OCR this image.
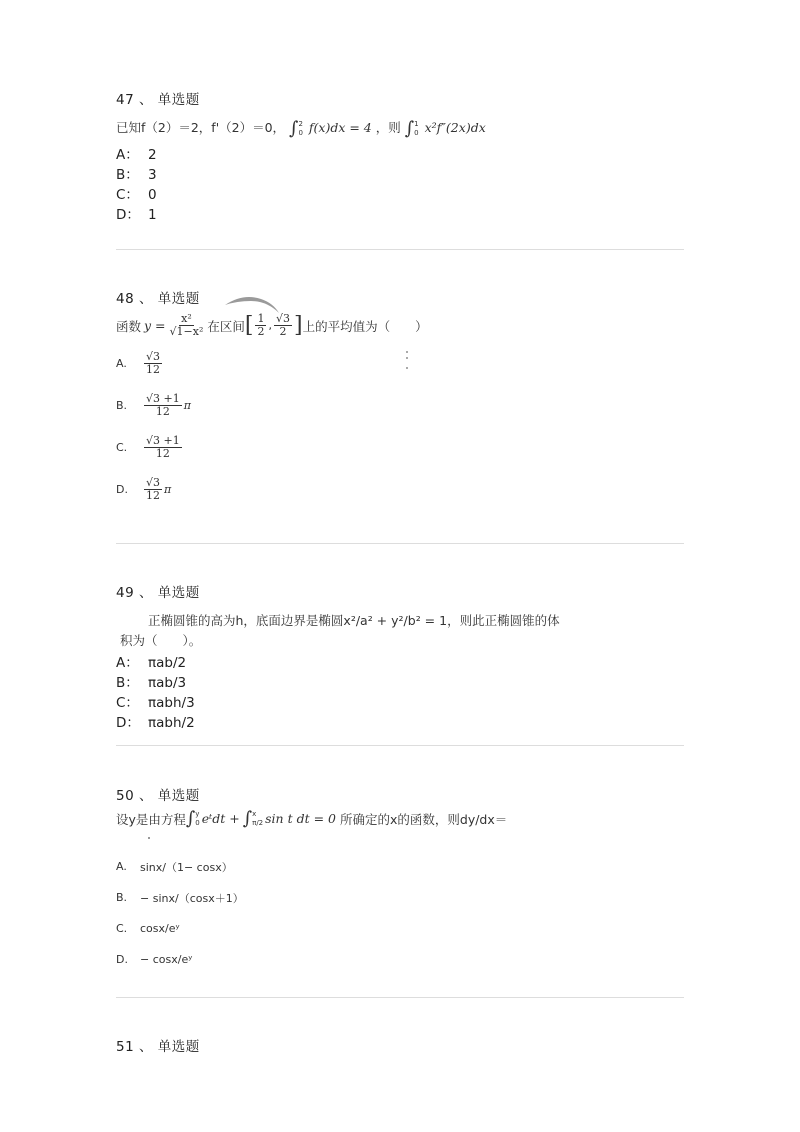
47 、 单选题
已知f（2）＝2，f'（2）＝0， ∫ 2
0 f(x)dx = 4 ，则 ∫ 1
0 x²f″(2x)dx
A： 2
B： 3
C： 0
D： 1
48 、 单选题
函数 $y = \frac{\text{x²}}{\text{√1−x²}}$ 在区间 [ $\frac{1}{2}$ , $\frac{√3}{2}$ ] 上的平均值为（　　）
A.	$\frac{√3}{12}$
B.	$\frac{√3 +1}{12}$ π
C.	$\frac{√3 +1}{12}$
D.	$\frac{√3}{12}$ π
49 、 单选题
正椭圆锥的高为h，底面边界是椭圆x²/a² + y²/b² = 1，则此正椭圆锥的体
积为（　　）。
A： πab/2
B： πab/3
C： πabh/3
D： πabh/2
50 、 单选题
设y是由方程 ∫ y
0 eᵗdt + ∫ x
π/2 sin t dt = 0 所确定的x的函数，则dy/dx＝
A.	sinx/（1− cosx）
B.	− sinx/（cosx＋1）
C.	cosx/eʸ
D.	− cosx/eʸ
51 、 单选题
